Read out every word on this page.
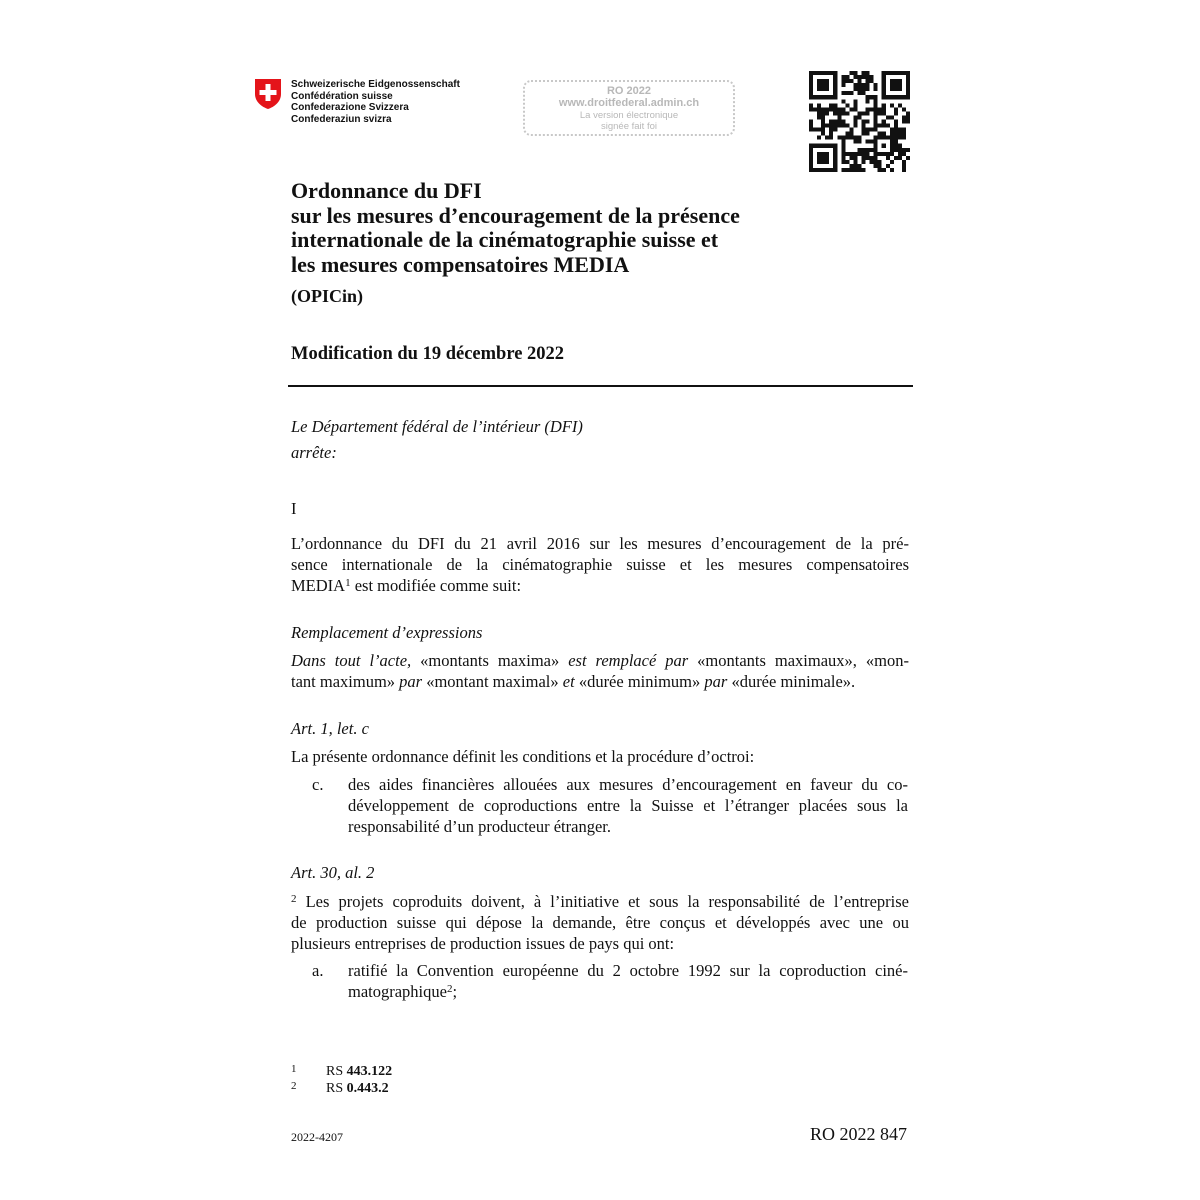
Schweizerische Eidgenossenschaft
Confédération suisse
Confederazione Svizzera
Confederaziun svizra
RO 2022
www.droitfederal.admin.ch
La version électronique
signée fait foi
Ordonnance du DFI
sur les mesures d’encouragement de la présence
internationale de la cinématographie suisse et
les mesures compensatoires MEDIA
(OPICin)
Modification du 19 décembre 2022
Le Département fédéral de l’intérieur (DFI)
arrête:
I
L’ordonnance du DFI du 21 avril 2016 sur les mesures d’encouragement de la pré-
sence internationale de la cinématographie suisse et les mesures compensatoires
MEDIA$^1$ est modifiée comme suit:
Remplacement d’expressions
Dans tout l’acte, «montants maxima» est remplacé par «montants maximaux», «mon-
tant maximum» par «montant maximal» et «durée minimum» par «durée minimale».
Art. 1, let. c
La présente ordonnance définit les conditions et la procédure d’octroi:
c. des aides financières allouées aux mesures d’encouragement en faveur du co-
développement de coproductions entre la Suisse et l’étranger placées sous la
responsabilité d’un producteur étranger.
Art. 30, al. 2
$^2$ Les projets coproduits doivent, à l’initiative et sous la responsabilité de l’entreprise
de production suisse qui dépose la demande, être conçus et développés avec une ou
plusieurs entreprises de production issues de pays qui ont:
a. ratifié la Convention européenne du 2 octobre 1992 sur la coproduction ciné-
matographique$^2$;
1 RS 443.122
2 RS 0.443.2
2022-4207	RO 2022 847
